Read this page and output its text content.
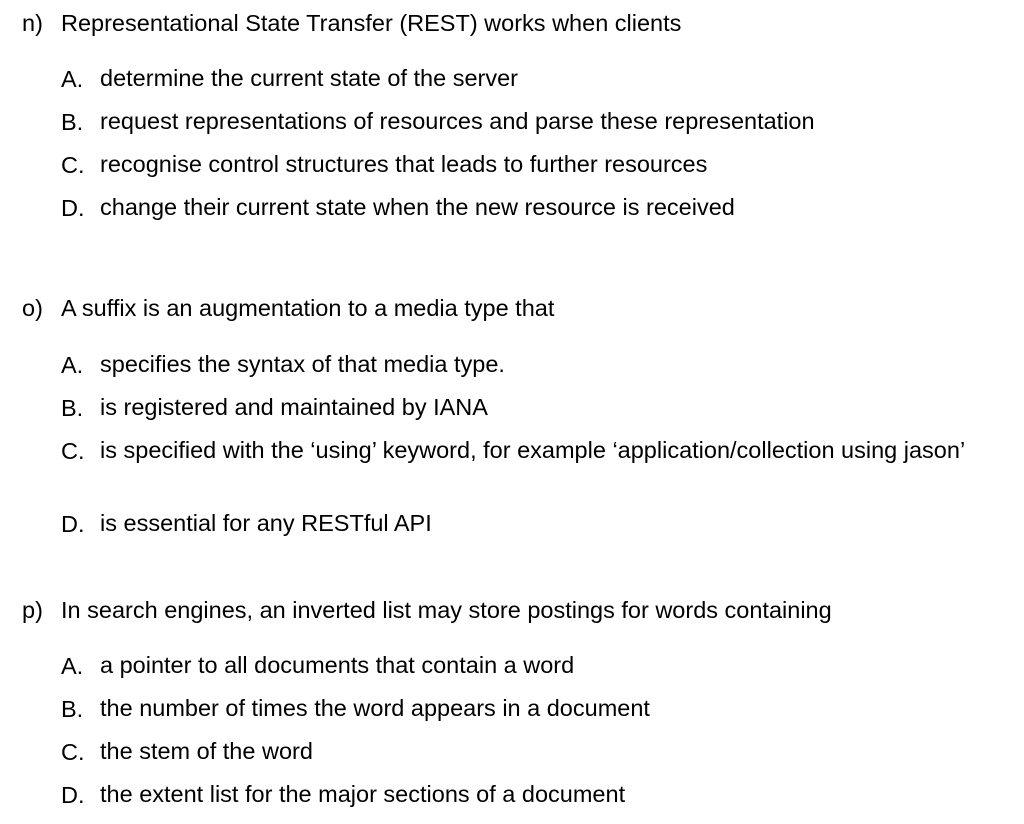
n) Representational State Transfer (REST) works when clients
A. determine the current state of the server
B. request representations of resources and parse these representation
C. recognise control structures that leads to further resources
D. change their current state when the new resource is received
o) A suffix is an augmentation to a media type that
A. specifies the syntax of that media type.
B. is registered and maintained by IANA
C. is specified with the ‘using’ keyword, for example ‘application/collection using jason’
D. is essential for any RESTful API
p) In search engines, an inverted list may store postings for words containing
A. a pointer to all documents that contain a word
B. the number of times the word appears in a document
C. the stem of the word
D. the extent list for the major sections of a document
